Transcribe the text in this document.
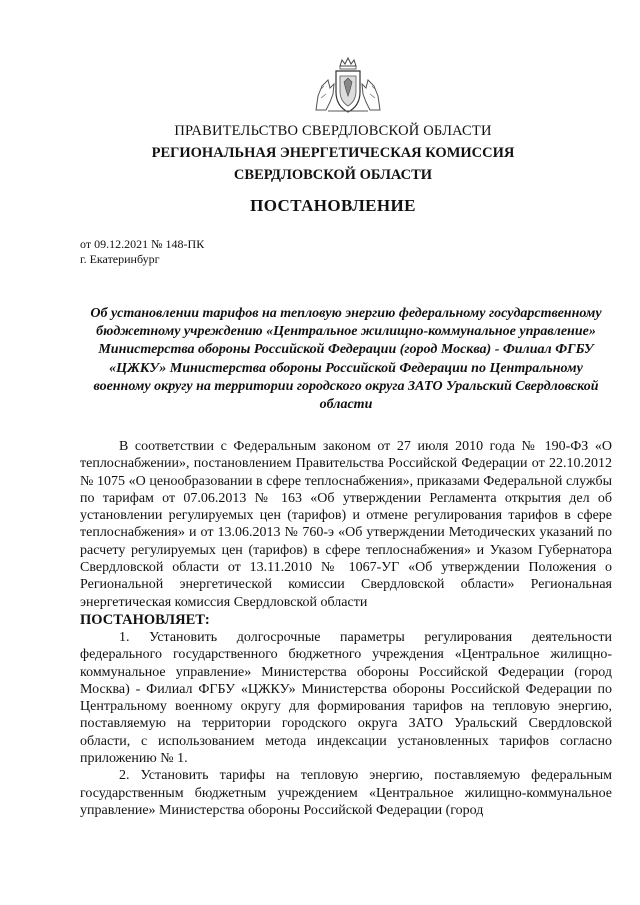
ПРАВИТЕЛЬСТВО СВЕРДЛОВСКОЙ ОБЛАСТИ
РЕГИОНАЛЬНАЯ ЭНЕРГЕТИЧЕСКАЯ КОМИССИЯ
СВЕРДЛОВСКОЙ ОБЛАСТИ
ПОСТАНОВЛЕНИЕ
от 09.12.2021 № 148-ПК
г. Екатеринбург
Об установлении тарифов на тепловую энергию федеральному государственному бюджетному учреждению «Центральное жилищно-коммунальное управление» Министерства обороны Российской Федерации (город Москва) - Филиал ФГБУ «ЦЖКУ» Министерства обороны Российской Федерации по Центральному военному округу на территории городского округа ЗАТО Уральский Свердловской области

В соответствии с Федеральным законом от 27 июля 2010 года № 190-ФЗ «О теплоснабжении», постановлением Правительства Российской Федерации от 22.10.2012 № 1075 «О ценообразовании в сфере теплоснабжения», приказами Федеральной службы по тарифам от 07.06.2013 № 163 «Об утверждении Регламента открытия дел об установлении регулируемых цен (тарифов) и отмене регулирования тарифов в сфере теплоснабжения» и от 13.06.2013 № 760-э «Об утверждении Методических указаний по расчету регулируемых цен (тарифов) в сфере теплоснабжения» и Указом Губернатора Свердловской области от 13.11.2010 № 1067-УГ «Об утверждении Положения о Региональной энергетической комиссии Свердловской области» Региональная энергетическая комиссия Свердловской области

ПОСТАНОВЛЯЕТ:

1. Установить долгосрочные параметры регулирования деятельности федерального государственного бюджетного учреждения «Центральное жилищно-коммунальное управление» Министерства обороны Российской Федерации (город Москва) - Филиал ФГБУ «ЦЖКУ» Министерства обороны Российской Федерации по Центральному военному округу для формирования тарифов на тепловую энергию, поставляемую на территории городского округа ЗАТО Уральский Свердловской области, с использованием метода индексации установленных тарифов согласно приложению № 1.

2. Установить тарифы на тепловую энергию, поставляемую федеральным государственным бюджетным учреждением «Центральное жилищно-коммунальное управление» Министерства обороны Российской Федерации (город
